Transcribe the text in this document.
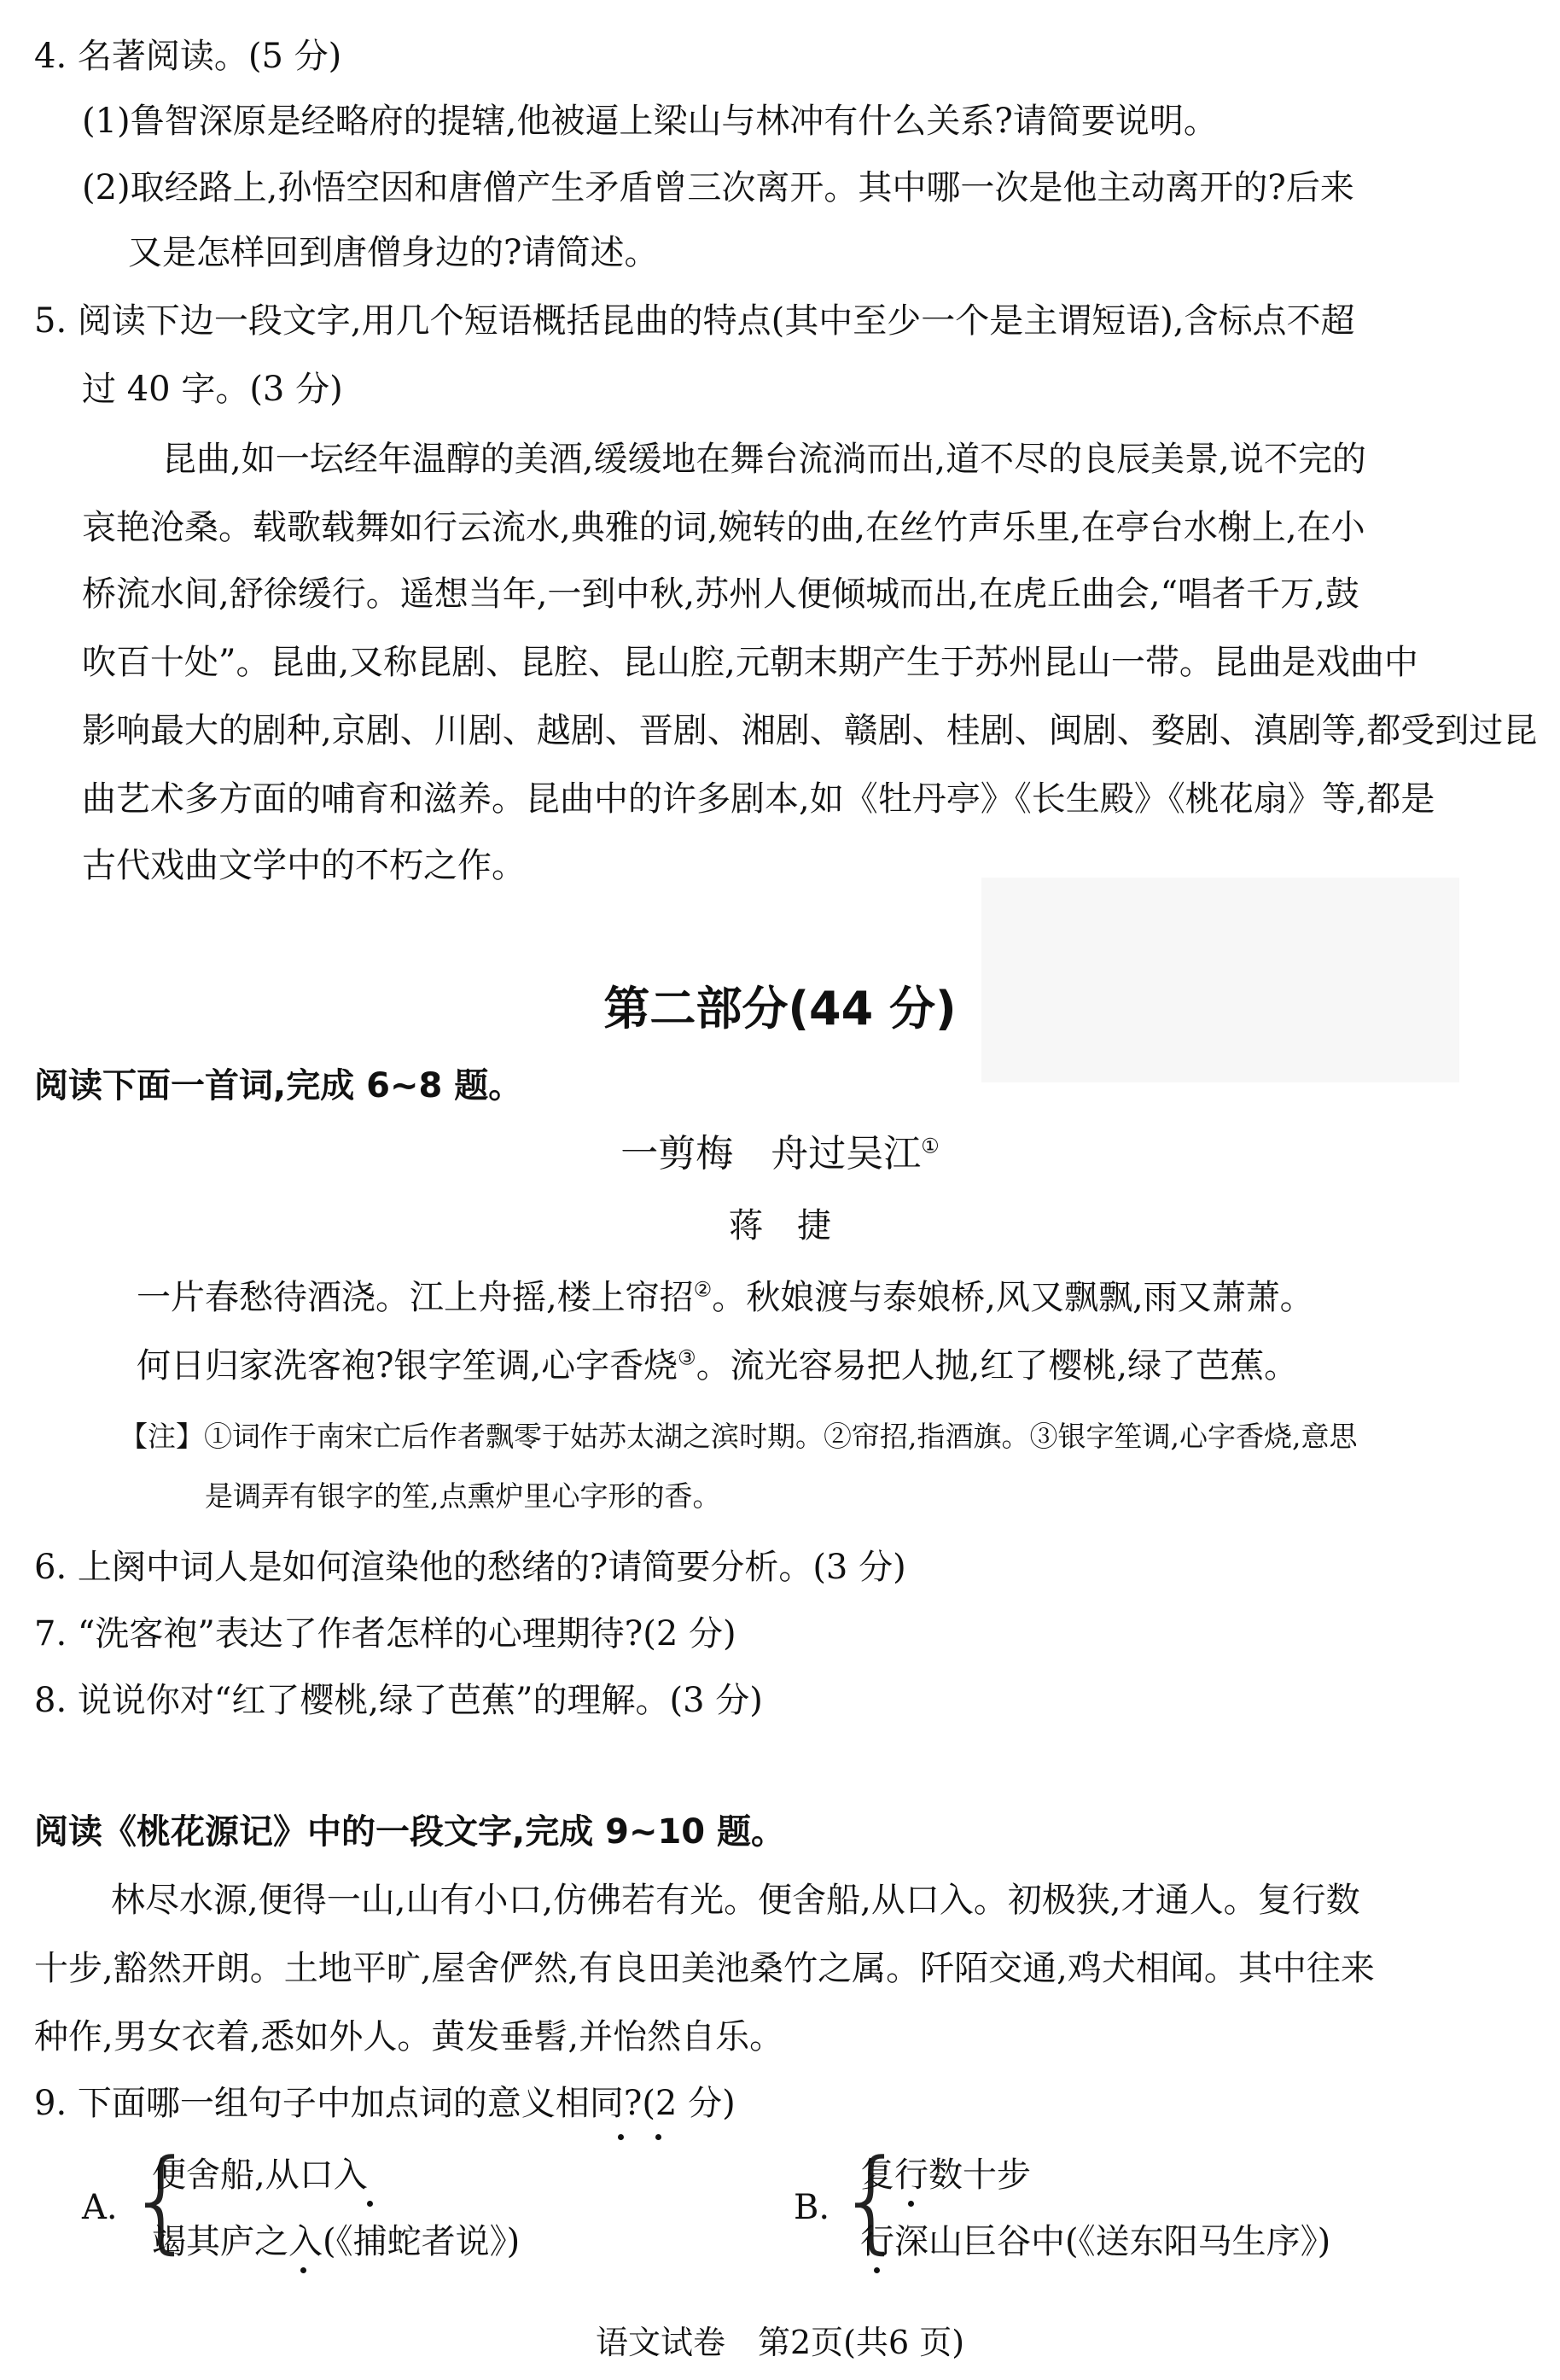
4. 名著阅读。(5 分)
(1)鲁智深原是经略府的提辖,他被逼上梁山与林冲有什么关系?请简要说明。
(2)取经路上,孙悟空因和唐僧产生矛盾曾三次离开。其中哪一次是他主动离开的?后来
又是怎样回到唐僧身边的?请简述。
5. 阅读下边一段文字,用几个短语概括昆曲的特点(其中至少一个是主谓短语),含标点不超
过 40 字。(3 分)
昆曲,如一坛经年温醇的美酒,缓缓地在舞台流淌而出,道不尽的良辰美景,说不完的
哀艳沧桑。载歌载舞如行云流水,典雅的词,婉转的曲,在丝竹声乐里,在亭台水榭上,在小
桥流水间,舒徐缓行。遥想当年,一到中秋,苏州人便倾城而出,在虎丘曲会,“唱者千万,鼓
吹百十处”。昆曲,又称昆剧、昆腔、昆山腔,元朝末期产生于苏州昆山一带。昆曲是戏曲中
影响最大的剧种,京剧、川剧、越剧、晋剧、湘剧、赣剧、桂剧、闽剧、婺剧、滇剧等,都受到过昆
曲艺术多方面的哺育和滋养。昆曲中的许多剧本,如《牡丹亭》《长生殿》《桃花扇》等,都是
古代戏曲文学中的不朽之作。
第二部分(44 分)
阅读下面一首词,完成 6~8 题。
一剪梅　舟过吴江①
蒋　捷
一片春愁待酒浇。江上舟摇,楼上帘招②。秋娘渡与泰娘桥,风又飘飘,雨又萧萧。
何日归家洗客袍?银字笙调,心字香烧③。流光容易把人抛,红了樱桃,绿了芭蕉。
【注】①词作于南宋亡后作者飘零于姑苏太湖之滨时期。②帘招,指酒旗。③银字笙调,心字香烧,意思
是调弄有银字的笙,点熏炉里心字形的香。
6. 上阕中词人是如何渲染他的愁绪的?请简要分析。(3 分)
7. “洗客袍”表达了作者怎样的心理期待?(2 分)
8. 说说你对“红了樱桃,绿了芭蕉”的理解。(3 分)
阅读《桃花源记》中的一段文字,完成 9~10 题。
林尽水源,便得一山,山有小口,仿佛若有光。便舍船,从口入。初极狭,才通人。复行数
十步,豁然开朗。土地平旷,屋舍俨然,有良田美池桑竹之属。阡陌交通,鸡犬相闻。其中往来
种作,男女衣着,悉如外人。黄发垂髫,并怡然自乐。
9. 下面哪一组句子中加点词的意义相同?(2 分)
A. {
便舍船,从口入
竭其庐之入(《捕蛇者说》)
B. {
复行数十步
行深山巨谷中(《送东阳马生序》)
语文试卷　第2页(共6 页)
